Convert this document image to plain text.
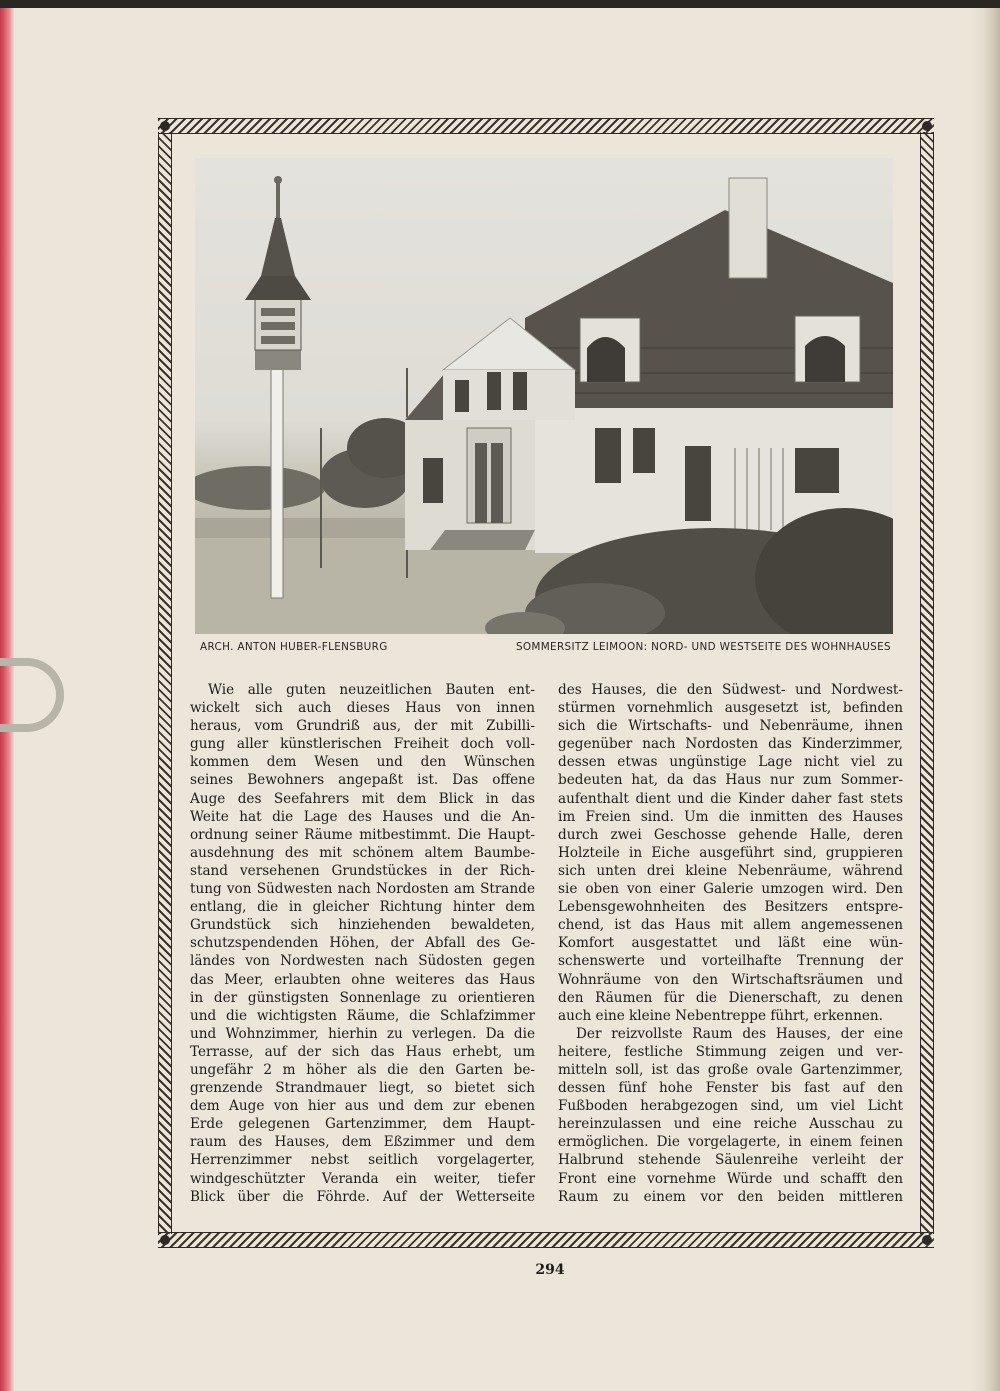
ARCH. ANTON HUBER-FLENSBURG	SOMMERSITZ LEIMOON: NORD- UND WESTSEITE DES WOHNHAUSES

Wie alle guten neuzeitlichen Bauten ent-
wickelt sich auch dieses Haus von innen
heraus, vom Grundriß aus, der mit Zubilli-
gung aller künstlerischen Freiheit doch voll-
kommen dem Wesen und den Wünschen
seines Bewohners angepaßt ist. Das offene
Auge des Seefahrers mit dem Blick in das
Weite hat die Lage des Hauses und die An-
ordnung seiner Räume mitbestimmt. Die Haupt-
ausdehnung des mit schönem altem Baumbe-
stand versehenen Grundstückes in der Rich-
tung von Südwesten nach Nordosten am Strande
entlang, die in gleicher Richtung hinter dem
Grundstück sich hinziehenden bewaldeten,
schutzspendenden Höhen, der Abfall des Ge-
ländes von Nordwesten nach Südosten gegen
das Meer, erlaubten ohne weiteres das Haus
in der günstigsten Sonnenlage zu orientieren
und die wichtigsten Räume, die Schlafzimmer
und Wohnzimmer, hierhin zu verlegen. Da die
Terrasse, auf der sich das Haus erhebt, um
ungefähr 2 m höher als die den Garten be-
grenzende Strandmauer liegt, so bietet sich
dem Auge von hier aus und dem zur ebenen
Erde gelegenen Gartenzimmer, dem Haupt-
raum des Hauses, dem Eßzimmer und dem
Herrenzimmer nebst seitlich vorgelagerter,
windgeschützter Veranda ein weiter, tiefer
Blick über die Föhrde. Auf der Wetterseite

des Hauses, die den Südwest- und Nordwest-
stürmen vornehmlich ausgesetzt ist, befinden
sich die Wirtschafts- und Nebenräume, ihnen
gegenüber nach Nordosten das Kinderzimmer,
dessen etwas ungünstige Lage nicht viel zu
bedeuten hat, da das Haus nur zum Sommer-
aufenthalt dient und die Kinder daher fast stets
im Freien sind. Um die inmitten des Hauses
durch zwei Geschosse gehende Halle, deren
Holzteile in Eiche ausgeführt sind, gruppieren
sich unten drei kleine Nebenräume, während
sie oben von einer Galerie umzogen wird. Den
Lebensgewohnheiten des Besitzers entspre-
chend, ist das Haus mit allem angemessenen
Komfort ausgestattet und läßt eine wün-
schenswerte und vorteilhafte Trennung der
Wohnräume von den Wirtschaftsräumen und
den Räumen für die Dienerschaft, zu denen
auch eine kleine Nebentreppe führt, erkennen.

Der reizvollste Raum des Hauses, der eine
heitere, festliche Stimmung zeigen und ver-
mitteln soll, ist das große ovale Gartenzimmer,
dessen fünf hohe Fenster bis fast auf den
Fußboden herabgezogen sind, um viel Licht
hereinzulassen und eine reiche Ausschau zu
ermöglichen. Die vorgelagerte, in einem feinen
Halbrund stehende Säulenreihe verleiht der
Front eine vornehme Würde und schafft den
Raum zu einem vor den beiden mittleren

294
